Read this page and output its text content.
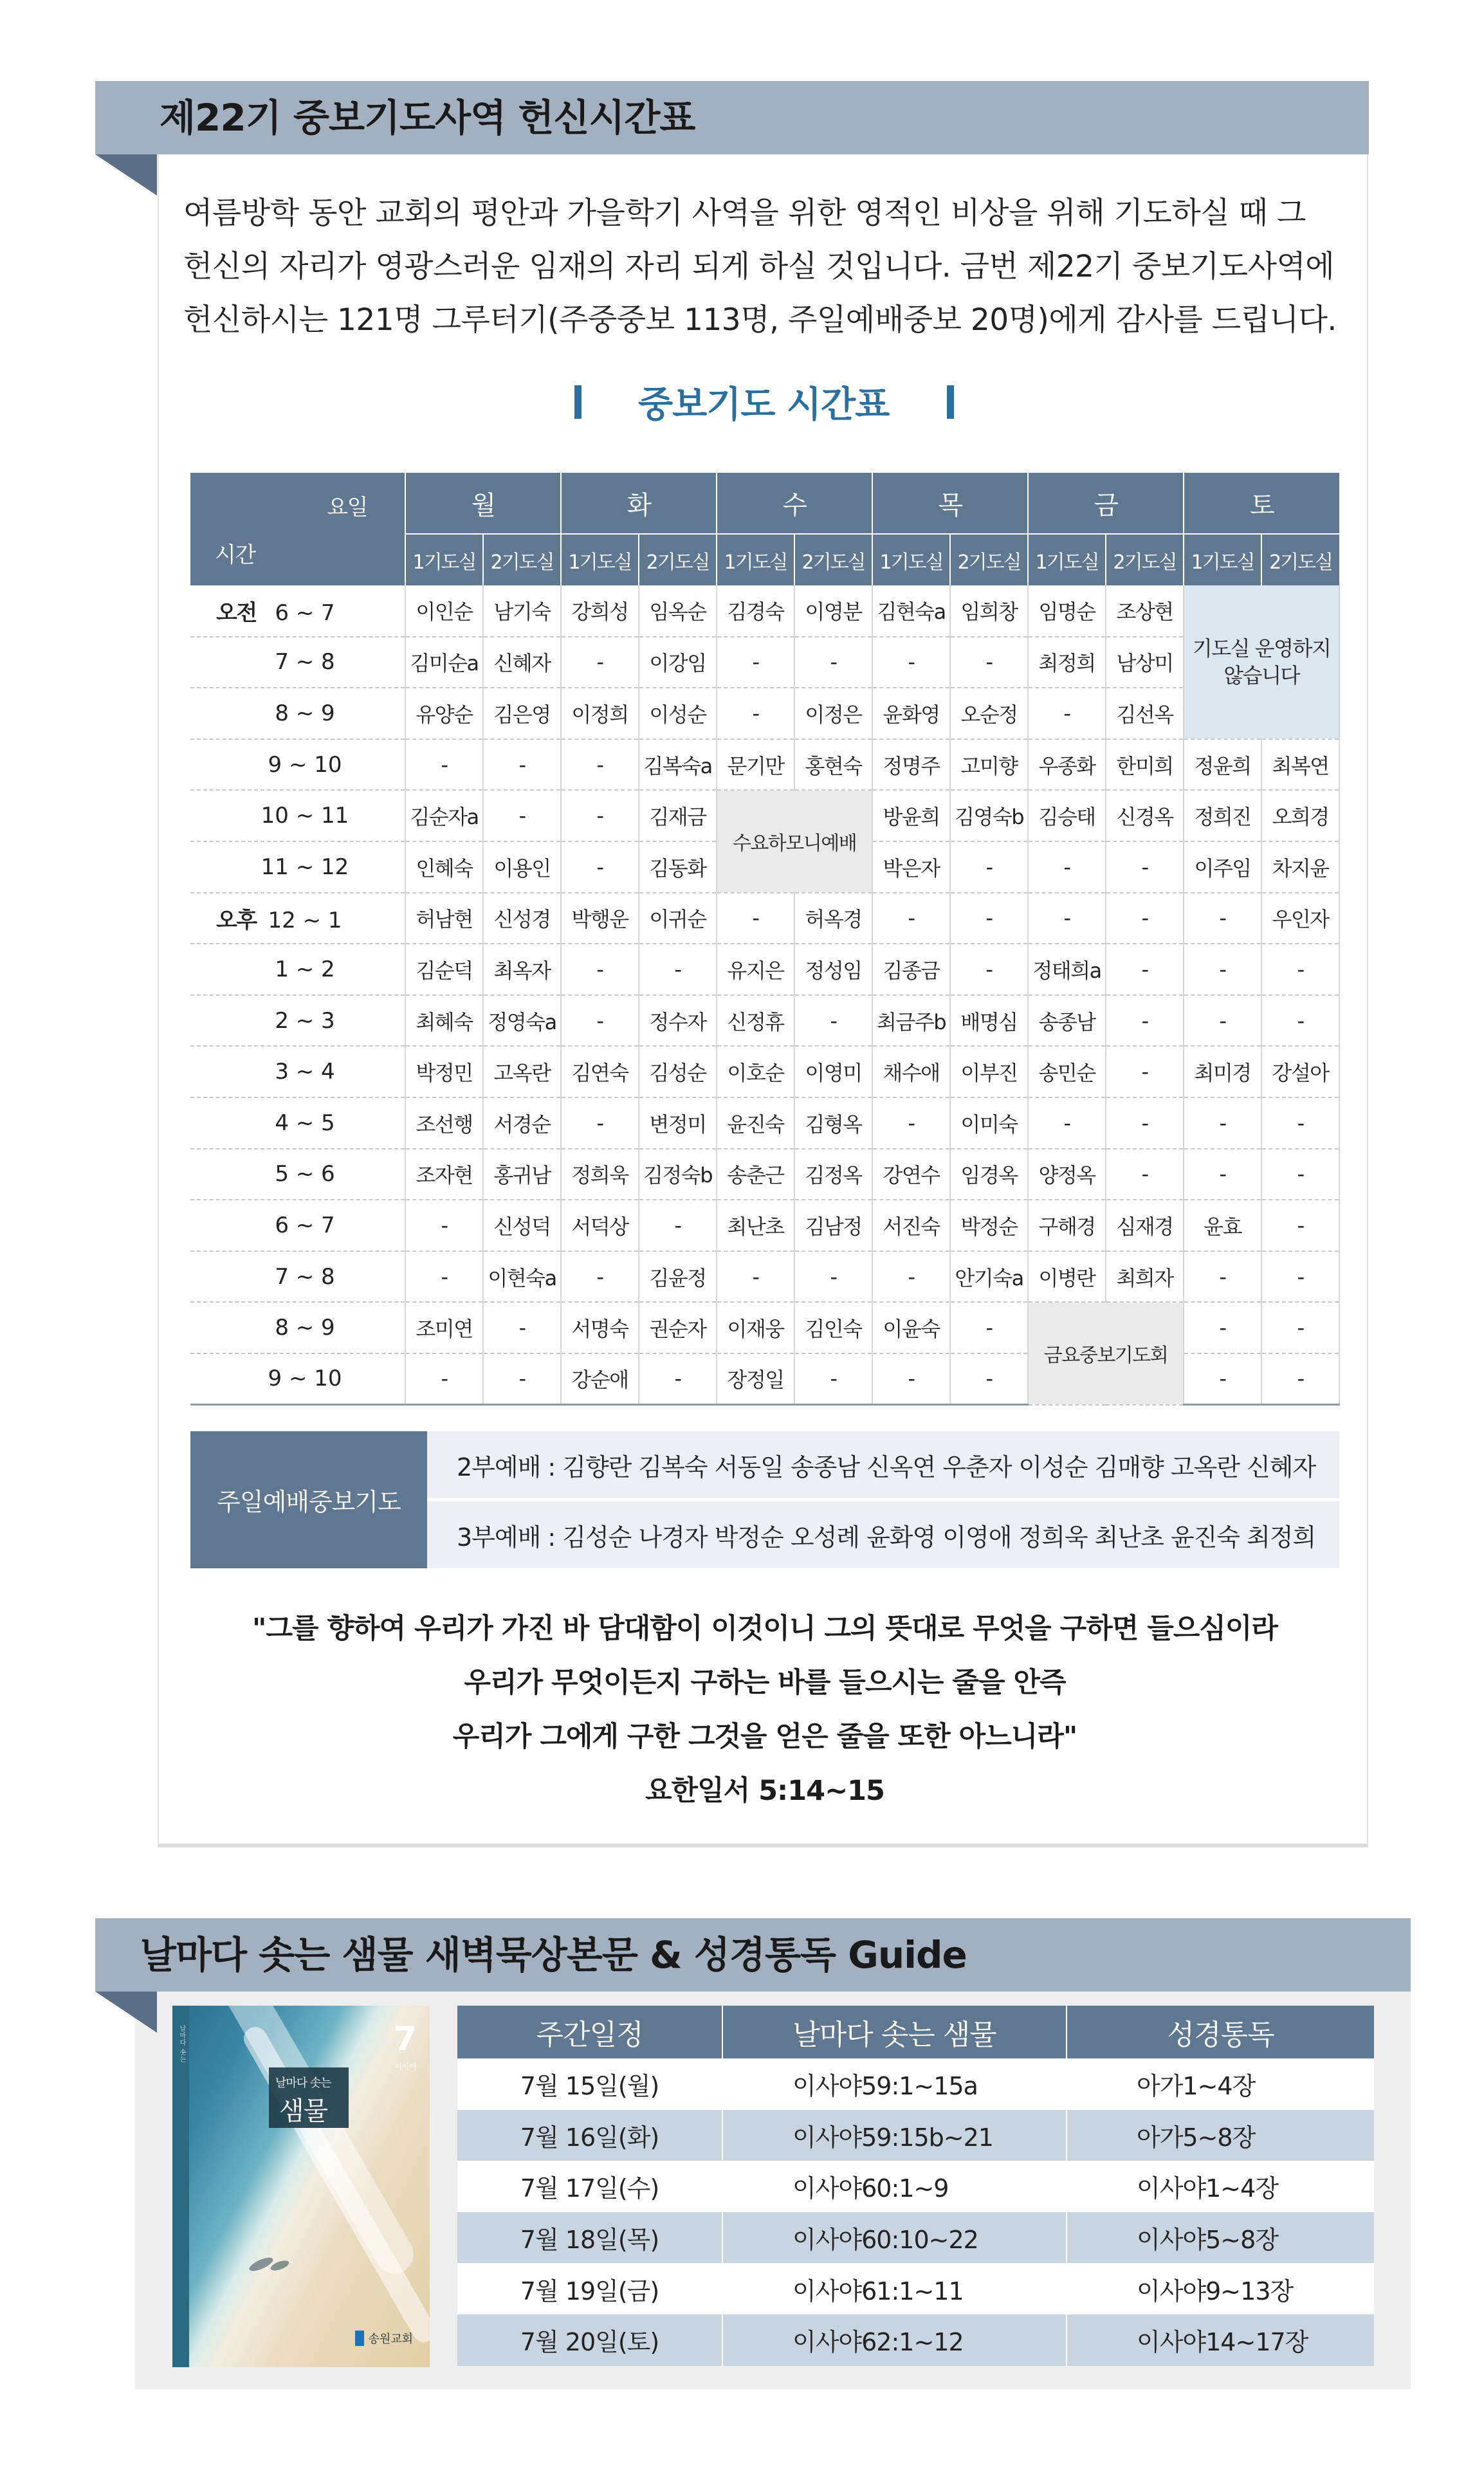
제22기 중보기도사역 헌신시간표

여름방학 동안 교회의 평안과 가을학기 사역을 위한 영적인 비상을 위해 기도하실 때 그

헌신의 자리가 영광스러운 임재의 자리 되게 하실 것입니다. 금번 제22기 중보기도사역에

헌신하시는 121명 그루터기(주중중보 113명, 주일예배중보 20명)에게 감사를 드립니다.

중보기도 시간표
요일
시간	월		화		수		목		금		토	
	1기도실	2기도실	1기도실	2기도실	1기도실	2기도실	1기도실	2기도실	1기도실	2기도실	1기도실	2기도실
오전 6 ~ 7	이인순	남기숙	강희성	임옥순	김경숙	이영분	김현숙a	임희창	임명순	조상현	기도실 운영하지 않습니다	
7 ~ 8	김미순a	신혜자	-	이강임	-	-	-	-	최정희	남상미		
8 ~ 9	유양순	김은영	이정희	이성순	-	이정은	윤화영	오순정	-	김선옥		
9 ~ 10	-	-	-	김복숙a	문기만	홍현숙	정명주	고미향	우종화	한미희	정윤희	최복연
10 ~ 11	김순자a	-	-	김재금	수요하모니예배		방윤희	김영숙b	김승태	신경옥	정희진	오희경
11 ~ 12	인혜숙	이용인	-	김동화			박은자	-	-	-	이주임	차지윤
오후 12 ~ 1	허남현	신성경	박행운	이귀순	-	허옥경	-	-	-	-	-	우인자
1 ~ 2	김순덕	최옥자	-	-	유지은	정성임	김종금	-	정태희a	-	-	-
2 ~ 3	최혜숙	정영숙a	-	정수자	신정휴	-	최금주b	배명심	송종남	-	-	-
3 ~ 4	박정민	고옥란	김연숙	김성순	이호순	이영미	채수애	이부진	송민순	-	최미경	강설아
4 ~ 5	조선행	서경순	-	변정미	윤진숙	김형옥	-	이미숙	-	-	-	-
5 ~ 6	조자현	홍귀남	정희욱	김정숙b	송춘근	김정옥	강연수	임경옥	양정옥	-	-	-
6 ~ 7	-	신성덕	서덕상	-	최난초	김남정	서진숙	박정순	구해경	심재경	윤효	-
7 ~ 8	-	이현숙a	-	김윤정	-	-	-	안기숙a	이병란	최희자	-	-
8 ~ 9	조미연	-	서명숙	권순자	이재웅	김인숙	이윤숙	-	금요중보기도회		-	-
9 ~ 10	-	-	강순애	-	장정일	-	-	-			-	-
주일예배중보기도
2부예배 : 김향란 김복숙 서동일 송종남 신옥연 우춘자 이성순 김매향 고옥란 신혜자
3부예배 : 김성순 나경자 박정순 오성례 윤화영 이영애 정희욱 최난초 윤진숙 최정희

"그를 향하여 우리가 가진 바 담대함이 이것이니 그의 뜻대로 무엇을 구하면 들으심이라

우리가 무엇이든지 구하는 바를 들으시는 줄을 안즉

우리가 그에게 구한 그것을 얻은 줄을 또한 아느니라"

요한일서 5:14~15

날마다 솟는 샘물 새벽묵상본문 & 성경통독 Guide
날마다 솟는	2024 7
이사야
날마다 솟는
샘물
송원교회
주간일정	날마다 솟는 샘물	성경통독
7월 15일(월)	이사야59:1~15a	아가1~4장
7월 16일(화)	이사야59:15b~21	아가5~8장
7월 17일(수)	이사야60:1~9	이사야1~4장
7월 18일(목)	이사야60:10~22	이사야5~8장
7월 19일(금)	이사야61:1~11	이사야9~13장
7월 20일(토)	이사야62:1~12	이사야14~17장
